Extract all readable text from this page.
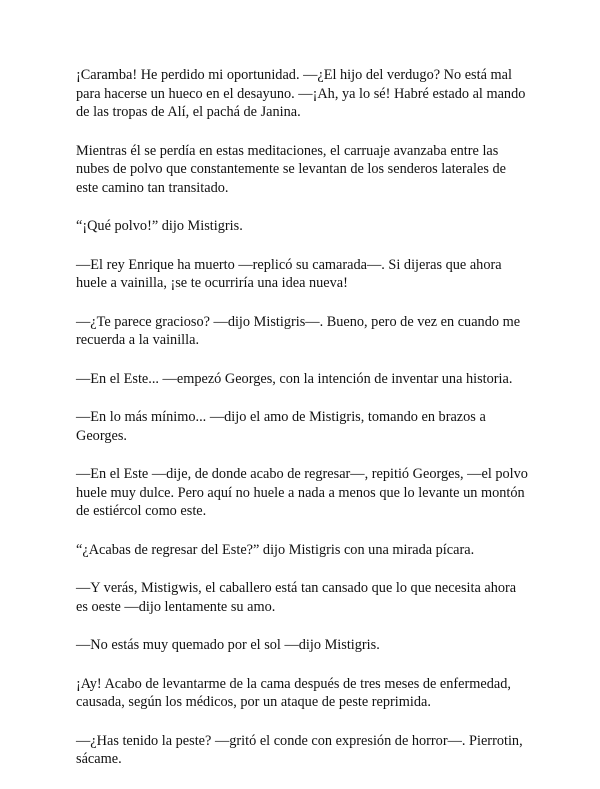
¡Caramba! He perdido mi oportunidad. —¿El hijo del verdugo? No está mal para hacerse un hueco en el desayuno. —¡Ah, ya lo sé! Habré estado al mando de las tropas de Alí, el pachá de Janina.

Mientras él se perdía en estas meditaciones, el carruaje avanzaba entre las nubes de polvo que constantemente se levantan de los senderos laterales de este camino tan transitado.

“¡Qué polvo!” dijo Mistigris.

—El rey Enrique ha muerto —replicó su camarada—. Si dijeras que ahora huele a vainilla, ¡se te ocurriría una idea nueva!

—¿Te parece gracioso? —dijo Mistigris—. Bueno, pero de vez en cuando me recuerda a la vainilla.

—En el Este... —empezó Georges, con la intención de inventar una historia.

—En lo más mínimo... —dijo el amo de Mistigris, tomando en brazos a Georges.

—En el Este —dije, de donde acabo de regresar—, repitió Georges, —el polvo huele muy dulce. Pero aquí no huele a nada a menos que lo levante un montón de estiércol como este.

“¿Acabas de regresar del Este?” dijo Mistigris con una mirada pícara.

—Y verás, Mistigwis, el caballero está tan cansado que lo que necesita ahora es oeste —dijo lentamente su amo.

—No estás muy quemado por el sol —dijo Mistigris.

¡Ay! Acabo de levantarme de la cama después de tres meses de enfermedad, causada, según los médicos, por un ataque de peste reprimida.

—¿Has tenido la peste? —gritó el conde con expresión de horror—. Pierrotin, sácame.
